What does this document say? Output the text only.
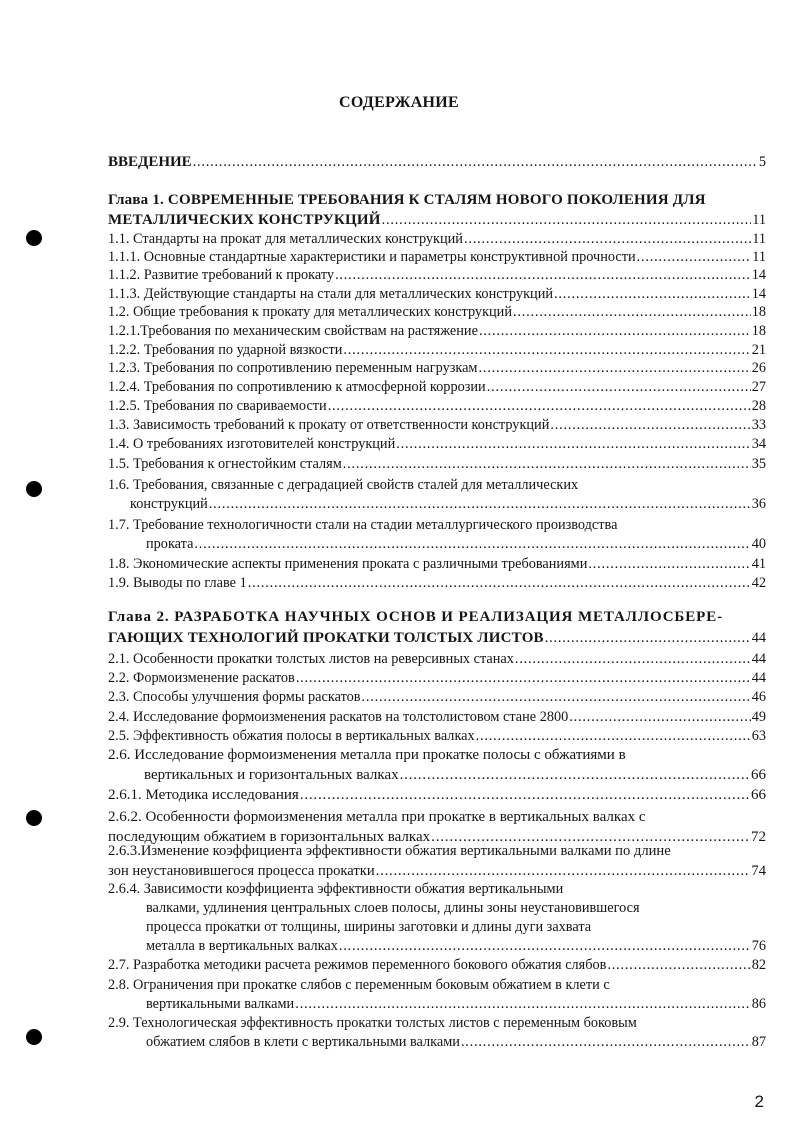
СОДЕРЖАНИЕ
ВВЕДЕНИЕ .....	5
Глава 1. СОВРЕМЕННЫЕ ТРЕБОВАНИЯ К СТАЛЯМ НОВОГО ПОКОЛЕНИЯ ДЛЯ
МЕТАЛЛИЧЕСКИХ КОНСТРУКЦИЙ .....	11
1.1. Стандарты на прокат для металлических конструкций .....	11
1.1.1. Основные стандартные характеристики и параметры конструктивной прочности .....	11
1.1.2. Развитие требований к прокату .....	14
1.1.3. Действующие стандарты на стали для металлических конструкций .....	14
1.2. Общие требования к прокату для металлических конструкций .....	18
1.2.1.Требования по механическим свойствам на растяжение .....	18
1.2.2. Требования по ударной вязкости .....	21
1.2.3. Требования по сопротивлению переменным нагрузкам .....	26
1.2.4. Требования по сопротивлению к атмосферной коррозии .....	27
1.2.5. Требования по свариваемости .....	28
1.3. Зависимость требований к прокату от ответственности конструкций .....	33
1.4. О требованиях изготовителей конструкций .....	34
1.5. Требования к огнестойким сталям .....	35
1.6. Требования, связанные с деградацией свойств сталей для металлических
конструкций .....	36
1.7. Требование технологичности стали на стадии металлургического производства
проката .....	40
1.8. Экономические аспекты применения проката с различными требованиями .....	41
1.9. Выводы по главе 1 .....	42
Глава 2. РАЗРАБОТКА НАУЧНЫХ ОСНОВ И РЕАЛИЗАЦИЯ МЕТАЛЛОСБЕРЕ-
ГАЮЩИХ ТЕХНОЛОГИЙ ПРОКАТКИ ТОЛСТЫХ ЛИСТОВ .....	44
2.1. Особенности прокатки толстых листов на реверсивных станах .....	44
2.2. Формоизменение раскатов .....	44
2.3. Способы улучшения формы раскатов .....	46
2.4. Исследование формоизменения раскатов на толстолистовом стане 2800 .....	49
2.5. Эффективность обжатия полосы в вертикальных валках .....	63
2.6. Исследование формоизменения металла при прокатке полосы с обжатиями в
вертикальных и горизонтальных валках .....	66
2.6.1. Методика исследования .....	66
2.6.2. Особенности формоизменения металла при прокатке в вертикальных валках с
последующим обжатием в горизонтальных валках .....	72
2.6.3.Изменение коэффициента эффективности обжатия вертикальными валками по длине
зон неустановившегося процесса прокатки .....	74
2.6.4. Зависимости коэффициента эффективности обжатия вертикальными
валками, удлинения центральных слоев полосы, длины зоны неустановившегося
процесса прокатки от толщины, ширины заготовки и длины дуги захвата
металла в вертикальных валках .....	76
2.7. Разработка методики расчета режимов переменного бокового обжатия слябов .....	82
2.8. Ограничения при прокатке слябов с переменным боковым обжатием в клети с
вертикальными валками .....	86
2.9. Технологическая эффективность прокатки толстых листов с переменным боковым
обжатием слябов в клети с вертикальными валками .....	87
2
